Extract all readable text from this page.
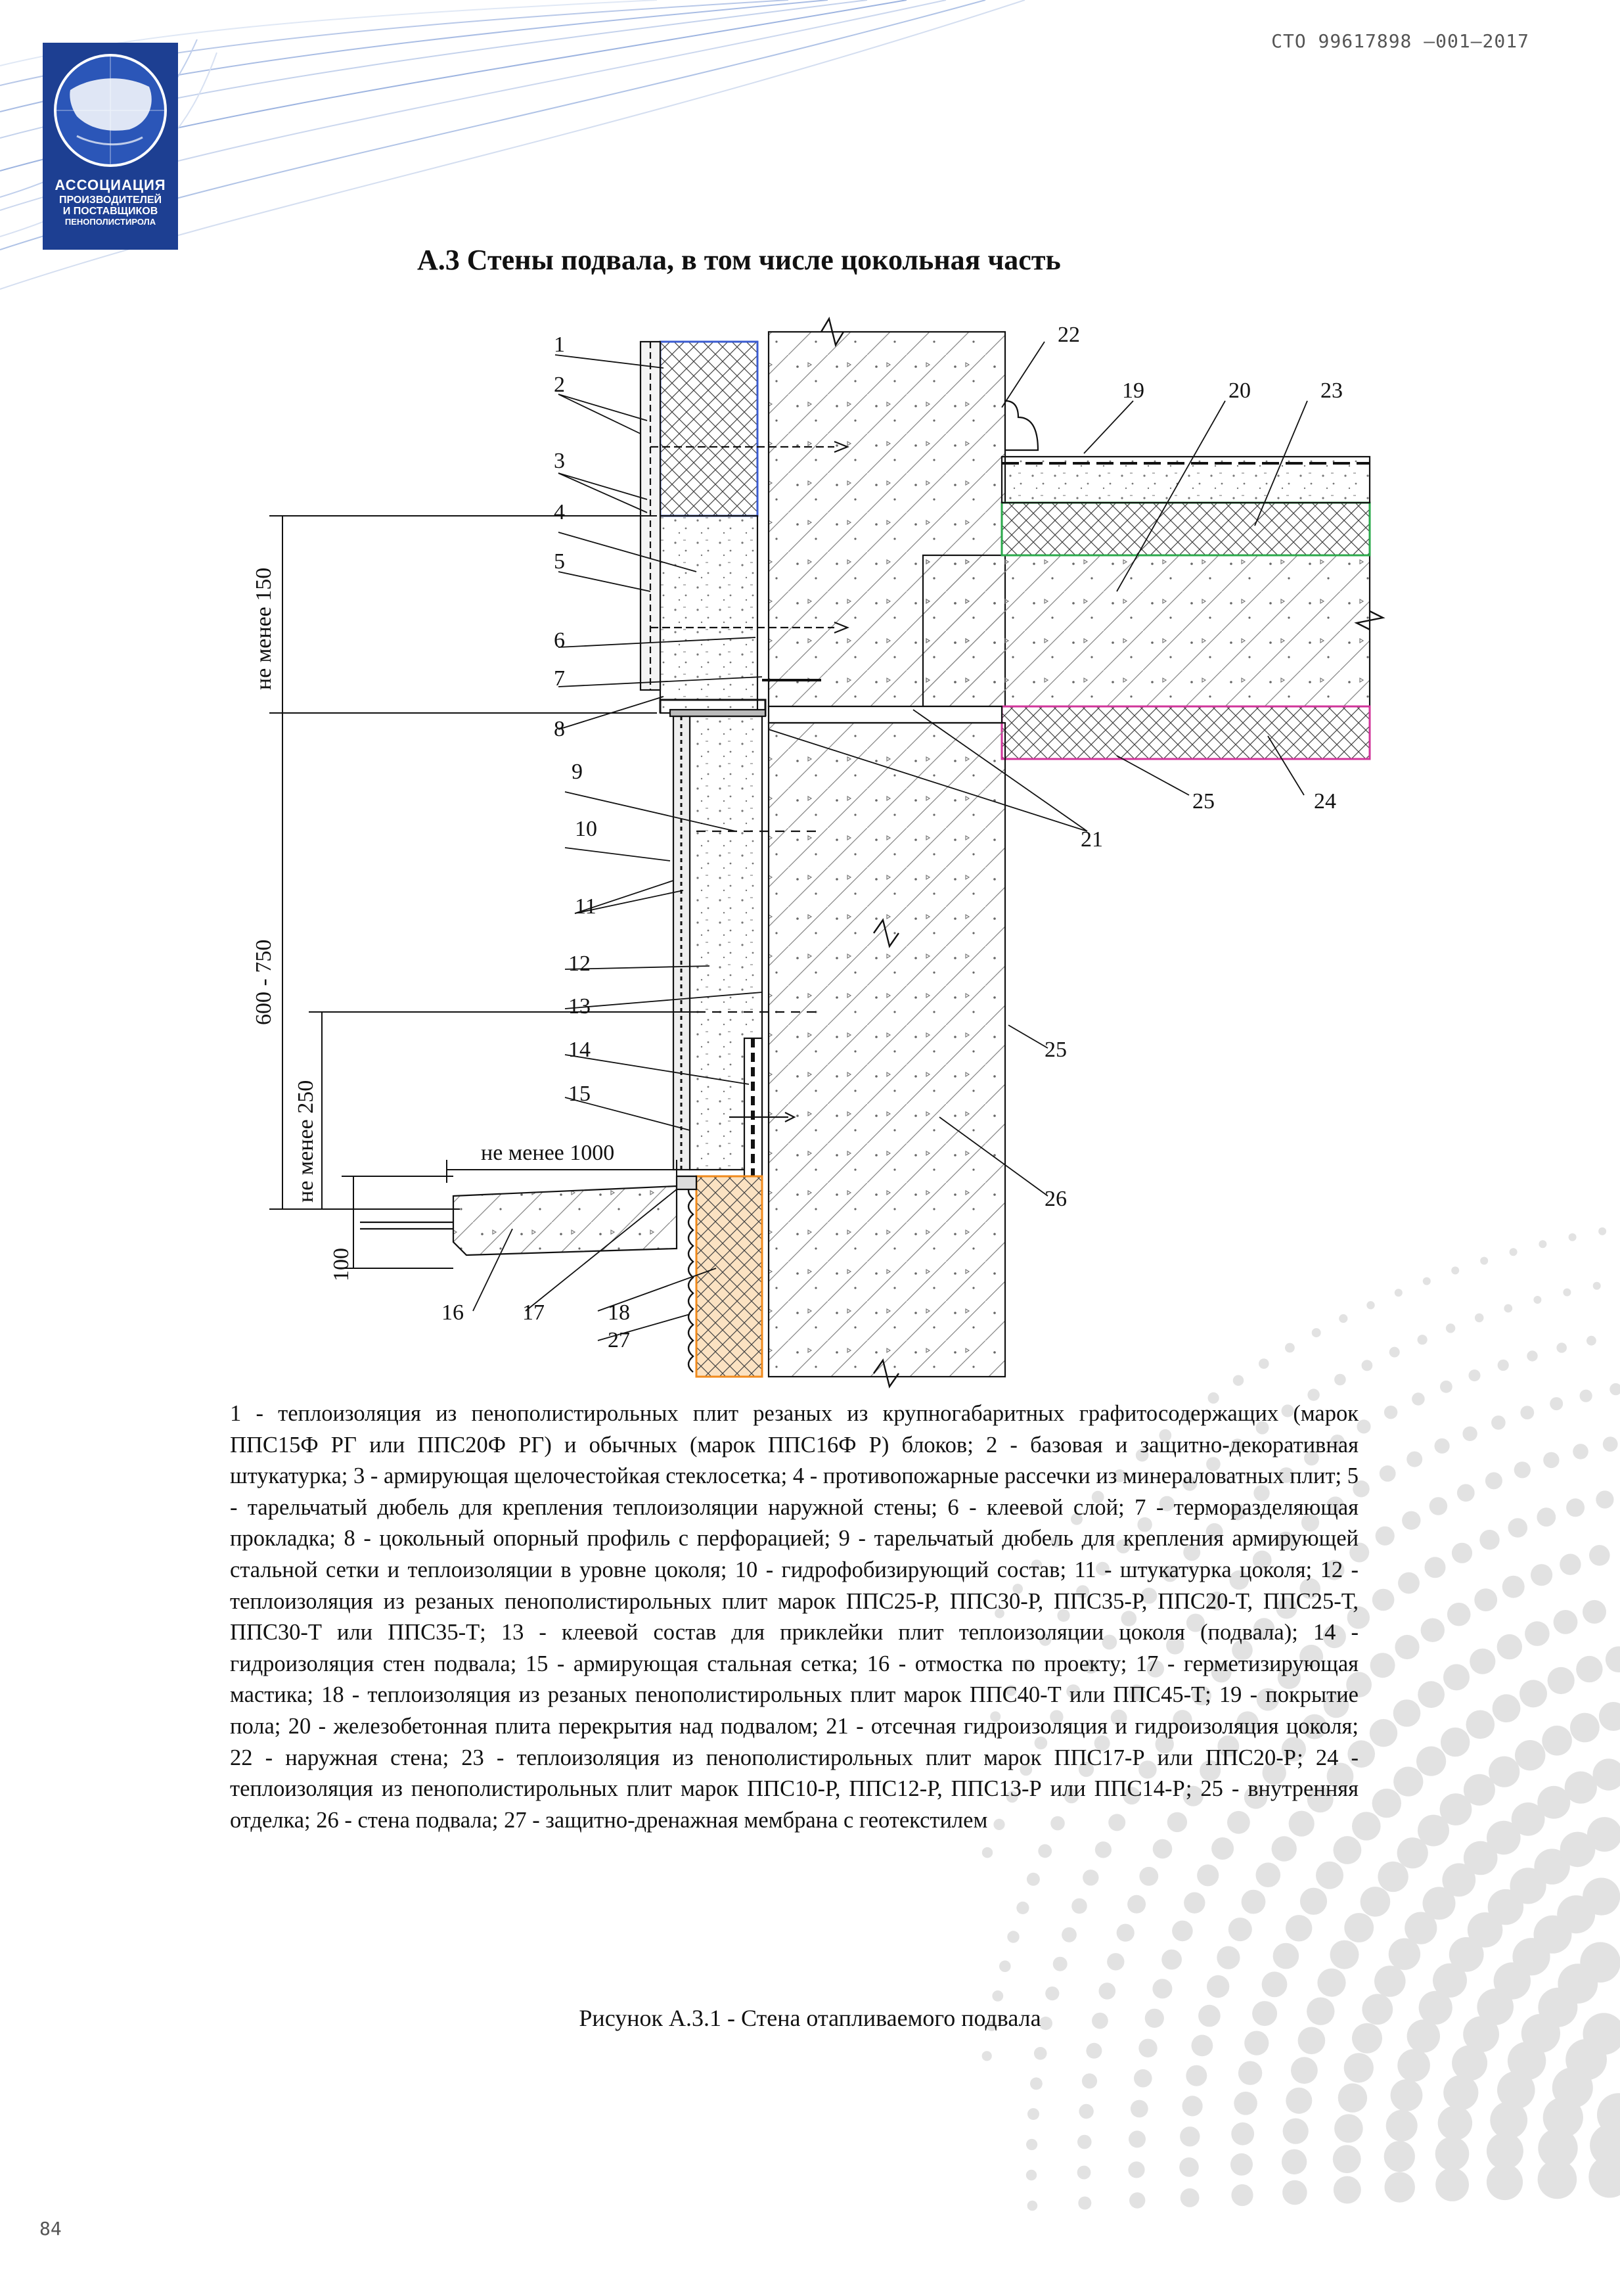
СТО 99617898 –001–2017
АССОЦИАЦИЯ
ПРОИЗВОДИТЕЛЕЙ
И ПОСТАВЩИКОВ
ПЕНОПОЛИСТИРОЛА
А.3 Стены подвала, в том числе цокольная часть
не менее 150
600 - 750
не менее 250
100
не менее 1000
1
2
3
4
5
6
7
8
9
10
11
12
13
14
15
16	17	18
19	20
21
22
23
24
25
25
26
27
1 - теплоизоляция из пенополистирольных плит резаных из крупногабаритных графитосодержащих (марок ППС15Ф РГ или ППС20Ф РГ) и обычных (марок ППС16Ф Р) блоков; 2 - базовая и защитно-декоративная штукатурка; 3 - армирующая щелочестойкая стеклосетка; 4 - противопожарные рассечки из минераловатных плит; 5 - тарельчатый дюбель для крепления теплоизоляции наружной стены; 6 - клеевой слой; 7 - терморазделяющая прокладка; 8 - цокольный опорный профиль с перфорацией; 9 - тарельчатый дюбель для крепления армирующей стальной сетки и теплоизоляции в уровне цоколя; 10 - гидрофобизирующий состав; 11 - штукатурка цоколя; 12 - теплоизоляция из резаных пенополистирольных плит марок ППС25-Р, ППС30-Р, ППС35-Р, ППС20-Т, ППС25-Т, ППС30-Т или ППС35-Т; 13 - клеевой состав для приклейки плит теплоизоляции цоколя (подвала); 14 - гидроизоляция стен подвала; 15 - армирующая стальная сетка; 16 - отмостка по проекту; 17 - герметизирующая мастика; 18 - теплоизоляция из резаных пенополистирольных плит марок ППС40-Т или ППС45-Т; 19 - покрытие пола; 20 - железобетонная плита перекрытия над подвалом; 21 - отсечная гидроизоляция и гидроизоляция цоколя; 22 - наружная стена; 23 - теплоизоляция из пенополистирольных плит марок ППС17-Р или ППС20-Р; 24 - теплоизоляция из пенополистирольных плит марок ППС10-Р, ППС12-Р, ППС13-Р или ППС14-Р; 25 - внутренняя отделка; 26 - стена подвала; 27 - защитно-дренажная мембрана с геотекстилем
Рисунок А.3.1 - Стена отапливаемого подвала
84
